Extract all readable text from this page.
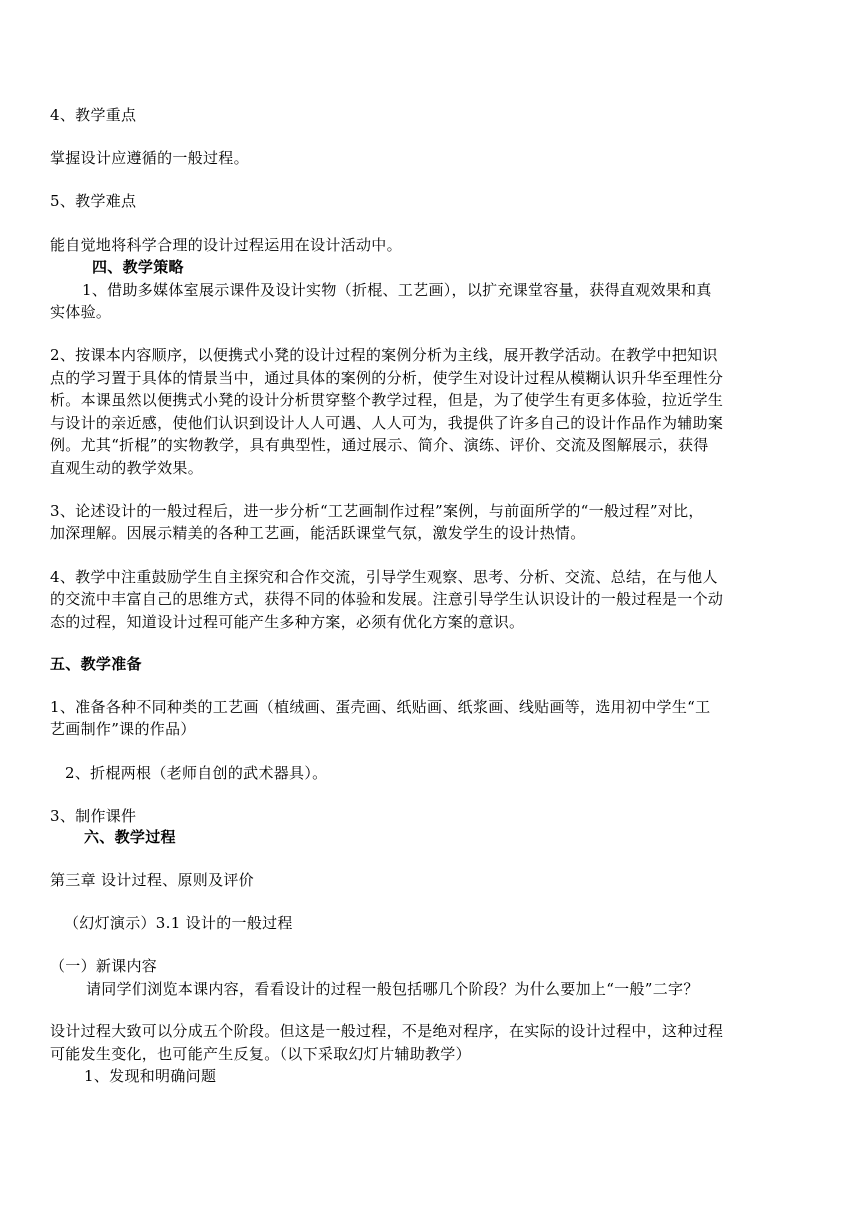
4、教学重点
掌握设计应遵循的一般过程。
5、教学难点
能自觉地将科学合理的设计过程运用在设计活动中。
四、教学策略
1、借助多媒体室展示课件及设计实物（折棍、工艺画），以扩充课堂容量，获得直观效果和真
实体验。
2、按课本内容顺序，以便携式小凳的设计过程的案例分析为主线，展开教学活动。在教学中把知识
点的学习置于具体的情景当中，通过具体的案例的分析，使学生对设计过程从模糊认识升华至理性分
析。本课虽然以便携式小凳的设计分析贯穿整个教学过程，但是，为了使学生有更多体验，拉近学生
与设计的亲近感，使他们认识到设计人人可遇、人人可为，我提供了许多自己的设计作品作为辅助案
例。尤其“折棍”的实物教学，具有典型性，通过展示、简介、演练、评价、交流及图解展示，获得
直观生动的教学效果。
3、论述设计的一般过程后，进一步分析“工艺画制作过程”案例，与前面所学的“一般过程”对比，
加深理解。因展示精美的各种工艺画，能活跃课堂气氛，激发学生的设计热情。
4、教学中注重鼓励学生自主探究和合作交流，引导学生观察、思考、分析、交流、总结，在与他人
的交流中丰富自己的思维方式，获得不同的体验和发展。注意引导学生认识设计的一般过程是一个动
态的过程，知道设计过程可能产生多种方案，必须有优化方案的意识。
五、教学准备
1、准备各种不同种类的工艺画（植绒画、蛋壳画、纸贴画、纸浆画、线贴画等，选用初中学生“工
艺画制作”课的作品）
2、折棍两根（老师自创的武术器具）。
3、制作课件
六、教学过程
第三章 设计过程、原则及评价
（幻灯演示）3.1 设计的一般过程
（一）新课内容
请同学们浏览本课内容，看看设计的过程一般包括哪几个阶段？为什么要加上“一般”二字？
设计过程大致可以分成五个阶段。但这是一般过程，不是绝对程序，在实际的设计过程中，这种过程
可能发生变化，也可能产生反复。（以下采取幻灯片辅助教学）
1、发现和明确问题
